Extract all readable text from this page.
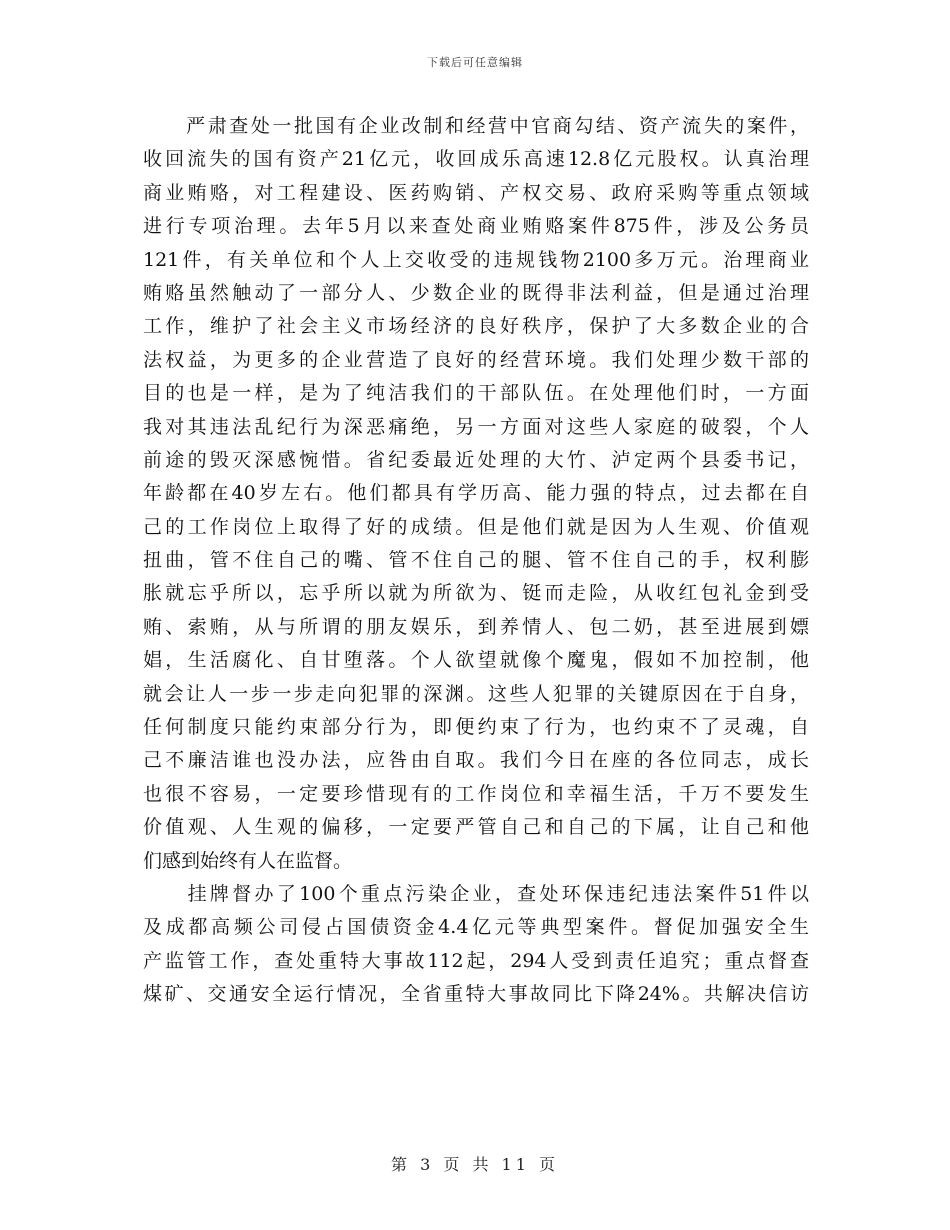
下载后可任意编辑
　　严肃查处一批国有企业改制和经营中官商勾结、资产流失的案件，
收回流失的国有资产21亿元，收回成乐高速12.8亿元股权。认真治理
商业贿赂，对工程建设、医药购销、产权交易、政府采购等重点领域
进行专项治理。去年5月以来查处商业贿赂案件875件，涉及公务员
121件，有关单位和个人上交收受的违规钱物2100多万元。治理商业
贿赂虽然触动了一部分人、少数企业的既得非法利益，但是通过治理
工作，维护了社会主义市场经济的良好秩序，保护了大多数企业的合
法权益，为更多的企业营造了良好的经营环境。我们处理少数干部的
目的也是一样，是为了纯洁我们的干部队伍。在处理他们时，一方面
我对其违法乱纪行为深恶痛绝，另一方面对这些人家庭的破裂，个人
前途的毁灭深感惋惜。省纪委最近处理的大竹、泸定两个县委书记，
年龄都在40岁左右。他们都具有学历高、能力强的特点，过去都在自
己的工作岗位上取得了好的成绩。但是他们就是因为人生观、价值观
扭曲，管不住自己的嘴、管不住自己的腿、管不住自己的手，权利膨
胀就忘乎所以，忘乎所以就为所欲为、铤而走险，从收红包礼金到受
贿、索贿，从与所谓的朋友娱乐，到养情人、包二奶，甚至进展到嫖
娼，生活腐化、自甘堕落。个人欲望就像个魔鬼，假如不加控制，他
就会让人一步一步走向犯罪的深渊。这些人犯罪的关键原因在于自身，
任何制度只能约束部分行为，即便约束了行为，也约束不了灵魂，自
己不廉洁谁也没办法，应咎由自取。我们今日在座的各位同志，成长
也很不容易，一定要珍惜现有的工作岗位和幸福生活，千万不要发生
价值观、人生观的偏移，一定要严管自己和自己的下属，让自己和他
们感到始终有人在监督。
　　挂牌督办了100个重点污染企业，查处环保违纪违法案件51件以
及成都高频公司侵占国债资金4.4亿元等典型案件。督促加强安全生
产监管工作，查处重特大事故112起，294人受到责任追究；重点督查
煤矿、交通安全运行情况，全省重特大事故同比下降24%。共解决信访
第 3 页 共 11 页
